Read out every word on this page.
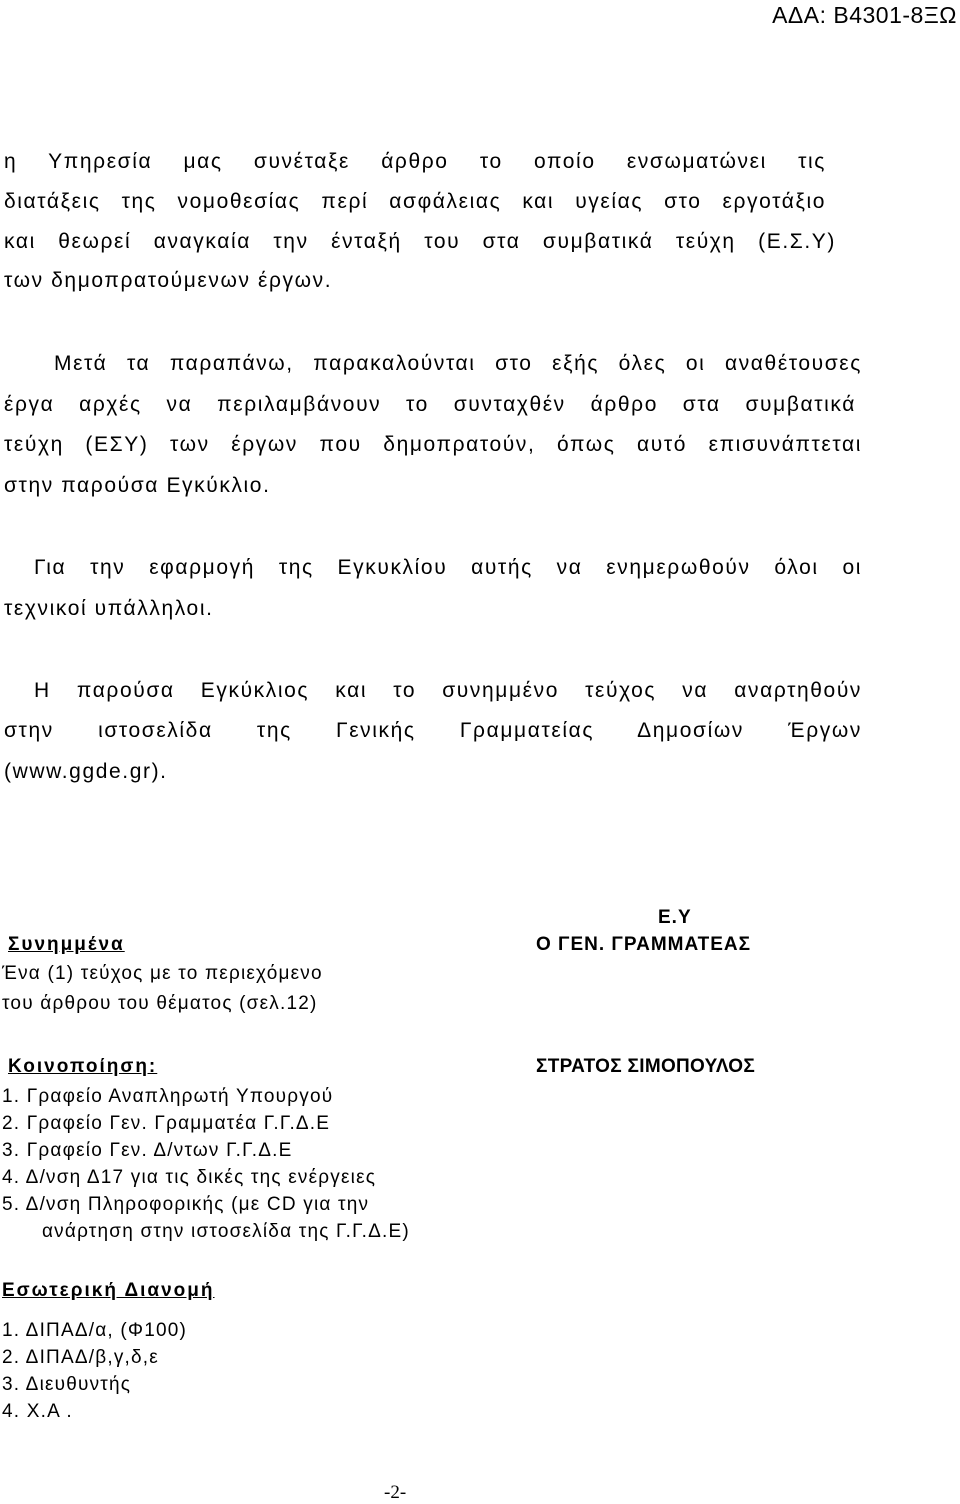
ΑΔΑ: Β4301-8ΞΩ
η Υπηρεσία μας συνέταξε άρθρο το οποίο ενσωματώνει τις
διατάξεις της νομοθεσίας περί ασφάλειας και υγείας στο εργοτάξιο
και θεωρεί αναγκαία την ένταξή του στα συμβατικά τεύχη (Ε.Σ.Υ)
των δημοπρατούμενων έργων.
Μετά τα παραπάνω, παρακαλούνται στο εξής όλες οι αναθέτουσες
έργα αρχές να περιλαμβάνουν το συνταχθέν άρθρο στα συμβατικά
τεύχη (ΕΣΥ) των έργων που δημοπρατούν, όπως αυτό επισυνάπτεται
στην παρούσα Εγκύκλιο.
Για την εφαρμογή της Εγκυκλίου αυτής να ενημερωθούν όλοι οι
τεχνικοί υπάλληλοι.
Η παρούσα Εγκύκλιος και το συνημμένο τεύχος να αναρτηθούν
στην ιστοσελίδα της Γενικής Γραμματείας Δημοσίων Έργων
(www.ggde.gr).
Συνημμένα
Ένα (1) τεύχος με το περιεχόμενο
του άρθρου του θέματος (σελ.12)
Ε.Υ
Ο ΓΕΝ. ΓΡΑΜΜΑΤΕΑΣ
ΣΤΡΑΤΟΣ ΣΙΜΟΠΟΥΛΟΣ
Κοινοποίηση:
1. Γραφείο Αναπληρωτή Υπουργού
2. Γραφείο Γεν. Γραμματέα Γ.Γ.Δ.Ε
3. Γραφείο Γεν. Δ/ντων Γ.Γ.Δ.Ε
4. Δ/νση Δ17 για τις δικές της ενέργειες
5. Δ/νση Πληροφορικής (με CD για την
ανάρτηση στην ιστοσελίδα της Γ.Γ.Δ.Ε)
Εσωτερική Διανομή
1. ΔΙΠΑΔ/α, (Φ100)
2. ΔΙΠΑΔ/β,γ,δ,ε
3. Διευθυντής
4. Χ.Α .
-2-
